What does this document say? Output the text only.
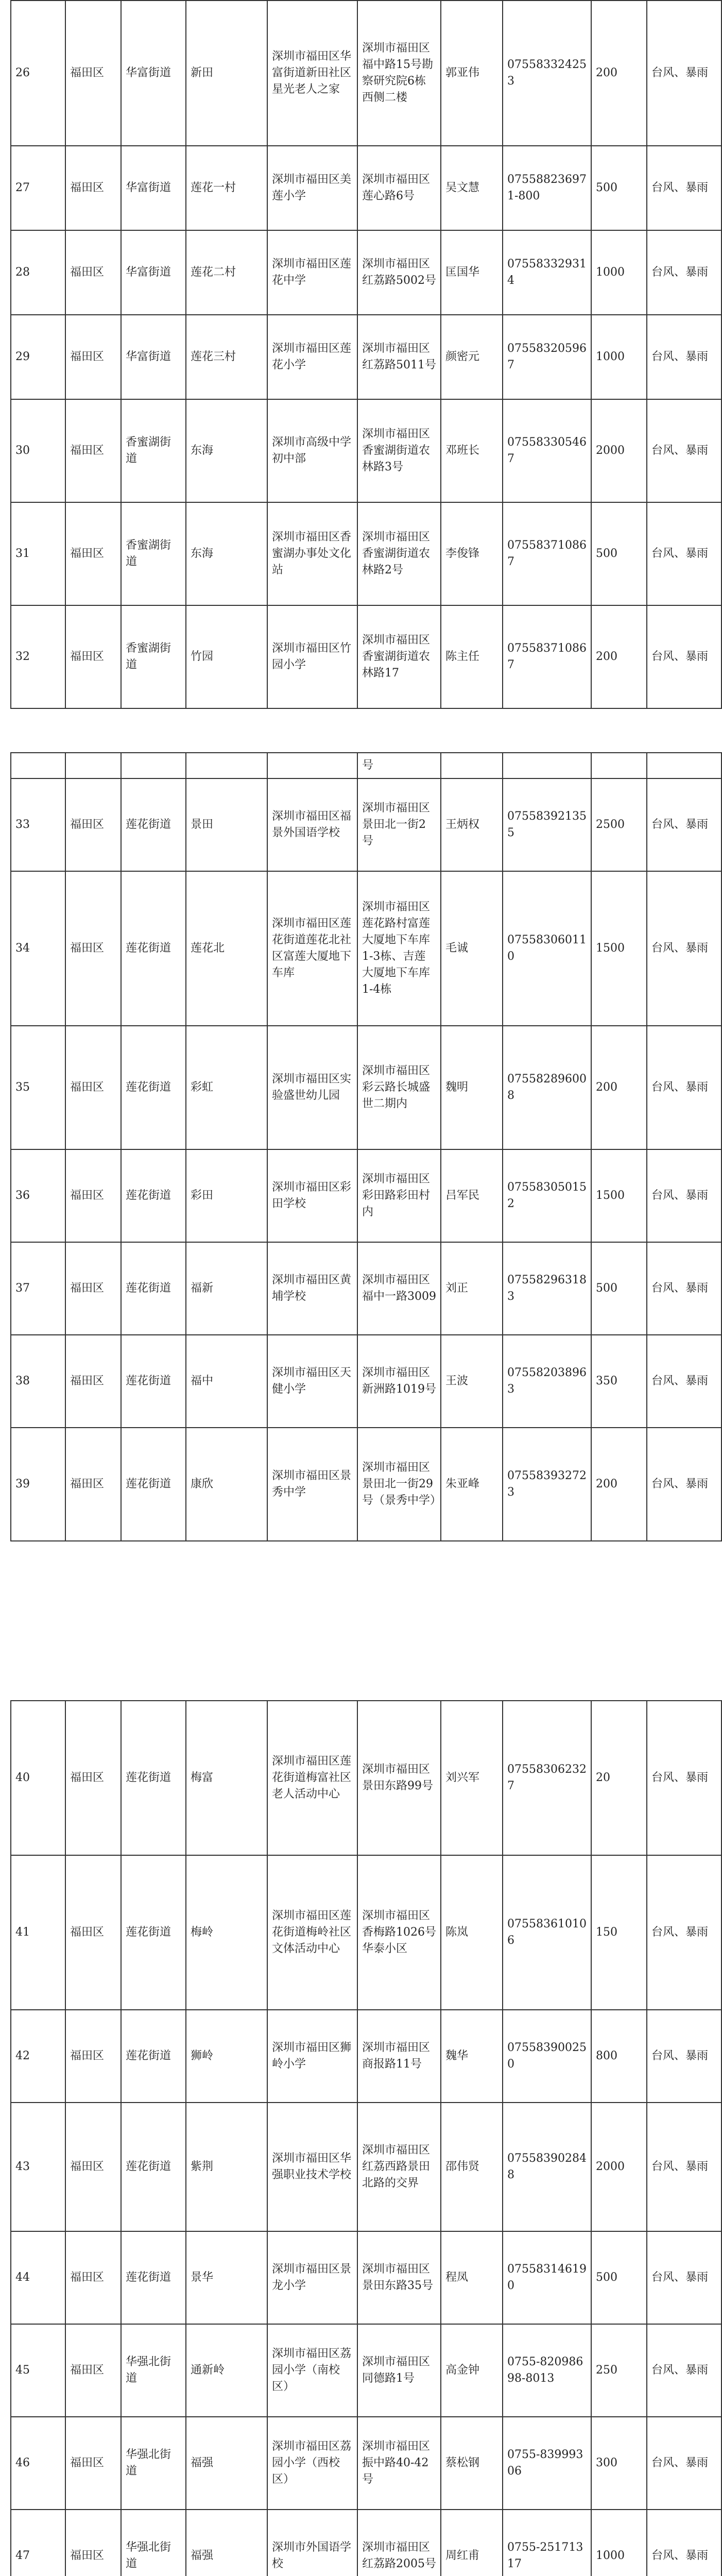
26	福田区	华富街道	新田	深圳市福田区华富街道新田社区星光老人之家	深圳市福田区福中路15号勘察研究院6栋西侧二楼	郭亚伟	075583324253	200	台风、暴雨
27	福田区	华富街道	莲花一村	深圳市福田区美莲小学	深圳市福田区莲心路6号	吴文慧	075588236971-800	500	台风、暴雨
28	福田区	华富街道	莲花二村	深圳市福田区莲花中学	深圳市福田区红荔路5002号	匡国华	075583329314	1000	台风、暴雨
29	福田区	华富街道	莲花三村	深圳市福田区莲花小学	深圳市福田区红荔路5011号	颜密元	075583205967	1000	台风、暴雨
30	福田区	香蜜湖街道	东海	深圳市高级中学初中部	深圳市福田区香蜜湖街道农林路3号	邓班长	075583305467	2000	台风、暴雨
31	福田区	香蜜湖街道	东海	深圳市福田区香蜜湖办事处文化站	深圳市福田区香蜜湖街道农林路2号	李俊锋	075583710867	500	台风、暴雨
32	福田区	香蜜湖街道	竹园	深圳市福田区竹园小学	深圳市福田区香蜜湖街道农林路17	陈主任	075583710867	200	台风、暴雨
					号				
33	福田区	莲花街道	景田	深圳市福田区福景外国语学校	深圳市福田区景田北一街2号	王炳权	075583921355	2500	台风、暴雨
34	福田区	莲花街道	莲花北	深圳市福田区莲花街道莲花北社区富莲大厦地下车库	深圳市福田区莲花路村富莲大厦地下车库1-3栋、吉莲大厦地下车库1-4栋	毛诚	075583060110	1500	台风、暴雨
35	福田区	莲花街道	彩虹	深圳市福田区实验盛世幼儿园	深圳市福田区彩云路长城盛世二期内	魏明	075582896008	200	台风、暴雨
36	福田区	莲花街道	彩田	深圳市福田区彩田学校	深圳市福田区彩田路彩田村内	吕军民	075583050152	1500	台风、暴雨
37	福田区	莲花街道	福新	深圳市福田区黄埔学校	深圳市福田区福中一路3009	刘正	075582963183	500	台风、暴雨
38	福田区	莲花街道	福中	深圳市福田区天健小学	深圳市福田区新洲路1019号	王波	075582038963	350	台风、暴雨
39	福田区	莲花街道	康欣	深圳市福田区景秀中学	深圳市福田区景田北一街29号（景秀中学）	朱亚峰	075583932723	200	台风、暴雨
40	福田区	莲花街道	梅富	深圳市福田区莲花街道梅富社区老人活动中心	深圳市福田区景田东路99号	刘兴军	075583062327	20	台风、暴雨
41	福田区	莲花街道	梅岭	深圳市福田区莲花街道梅岭社区文体活动中心	深圳市福田区香梅路1026号华泰小区	陈岚	075583610106	150	台风、暴雨
42	福田区	莲花街道	狮岭	深圳市福田区狮岭小学	深圳市福田区商报路11号	魏华	075583900250	800	台风、暴雨
43	福田区	莲花街道	紫荆	深圳市福田区华强职业技术学校	深圳市福田区红荔西路景田北路的交界	邵伟贤	075583902848	2000	台风、暴雨
44	福田区	莲花街道	景华	深圳市福田区景龙小学	深圳市福田区景田东路35号	程凤	075583146190	500	台风、暴雨
45	福田区	华强北街道	通新岭	深圳市福田区荔园小学（南校区）	深圳市福田区同德路1号	高金钟	0755-82098698-8013	250	台风、暴雨
46	福田区	华强北街道	福强	深圳市福田区荔园小学（西校区）	深圳市福田区振中路40-42号	蔡松钢	0755-83999306	300	台风、暴雨
47	福田区	华强北街道	福强	深圳市外国语学校	深圳市福田区红荔路2005号	周红甫	0755-25171317	1000	台风、暴雨
